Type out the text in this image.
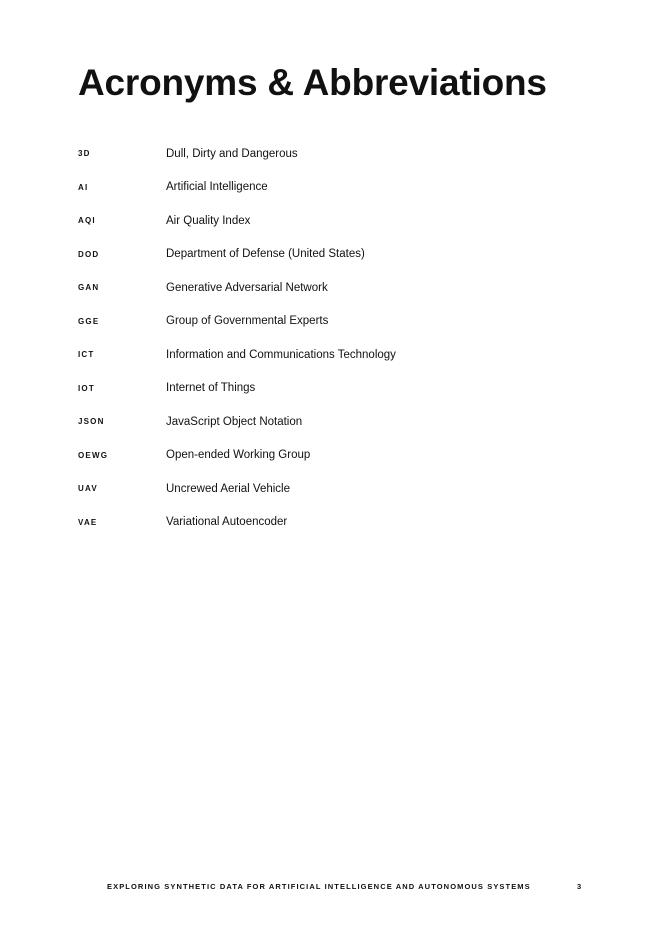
Acronyms & Abbreviations
3D	Dull, Dirty and Dangerous
AI	Artificial Intelligence
AQI	Air Quality Index
DOD	Department of Defense (United States)
GAN	Generative Adversarial Network
GGE	Group of Governmental Experts
ICT	Information and Communications Technology
IOT	Internet of Things
JSON	JavaScript Object Notation
OEWG	Open-ended Working Group
UAV	Uncrewed Aerial Vehicle
VAE	Variational Autoencoder
EXPLORING SYNTHETIC DATA FOR ARTIFICIAL INTELLIGENCE AND AUTONOMOUS SYSTEMS	3
